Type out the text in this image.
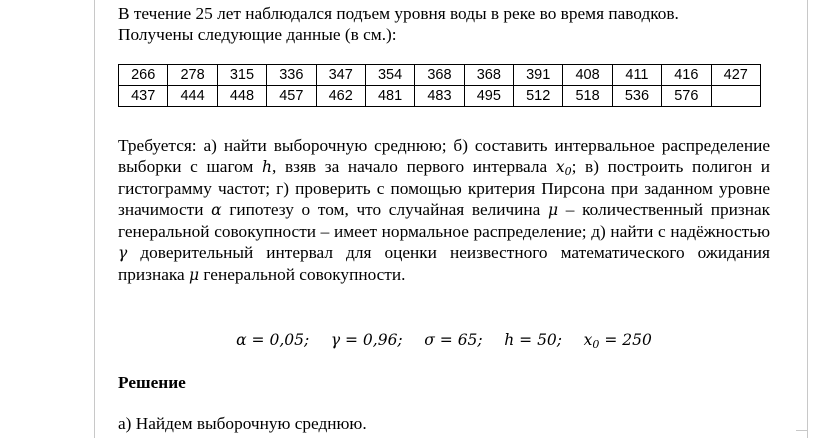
В течение 25 лет наблюдался подъем уровня воды в реке во время паводков.
Получены следующие данные (в см.):
266	278	315	336	347	354	368	368	391	408	411	416	427
437	444	448	457	462	481	483	495	512	518	536	576	
Требуется: а) найти выборочную среднюю; б) составить интервальное распределение выборки с шагом h, взяв за начало первого интервала $x_0$; в) построить полигон и гистограмму частот; г) проверить с помощью критерия Пирсона при заданном уровне значимости α гипотезу о том, что случайная величина μ – количественный признак генеральной совокупности – имеет нормальное распределение; д) найти с надёжностью γ доверительный интервал для оценки неизвестного математического ожидания признака μ генеральной совокупности.
α = 0,05; γ = 0,96; σ = 65; h = 50; $x_0 = 250$
Решение
а) Найдем выборочную среднюю.
